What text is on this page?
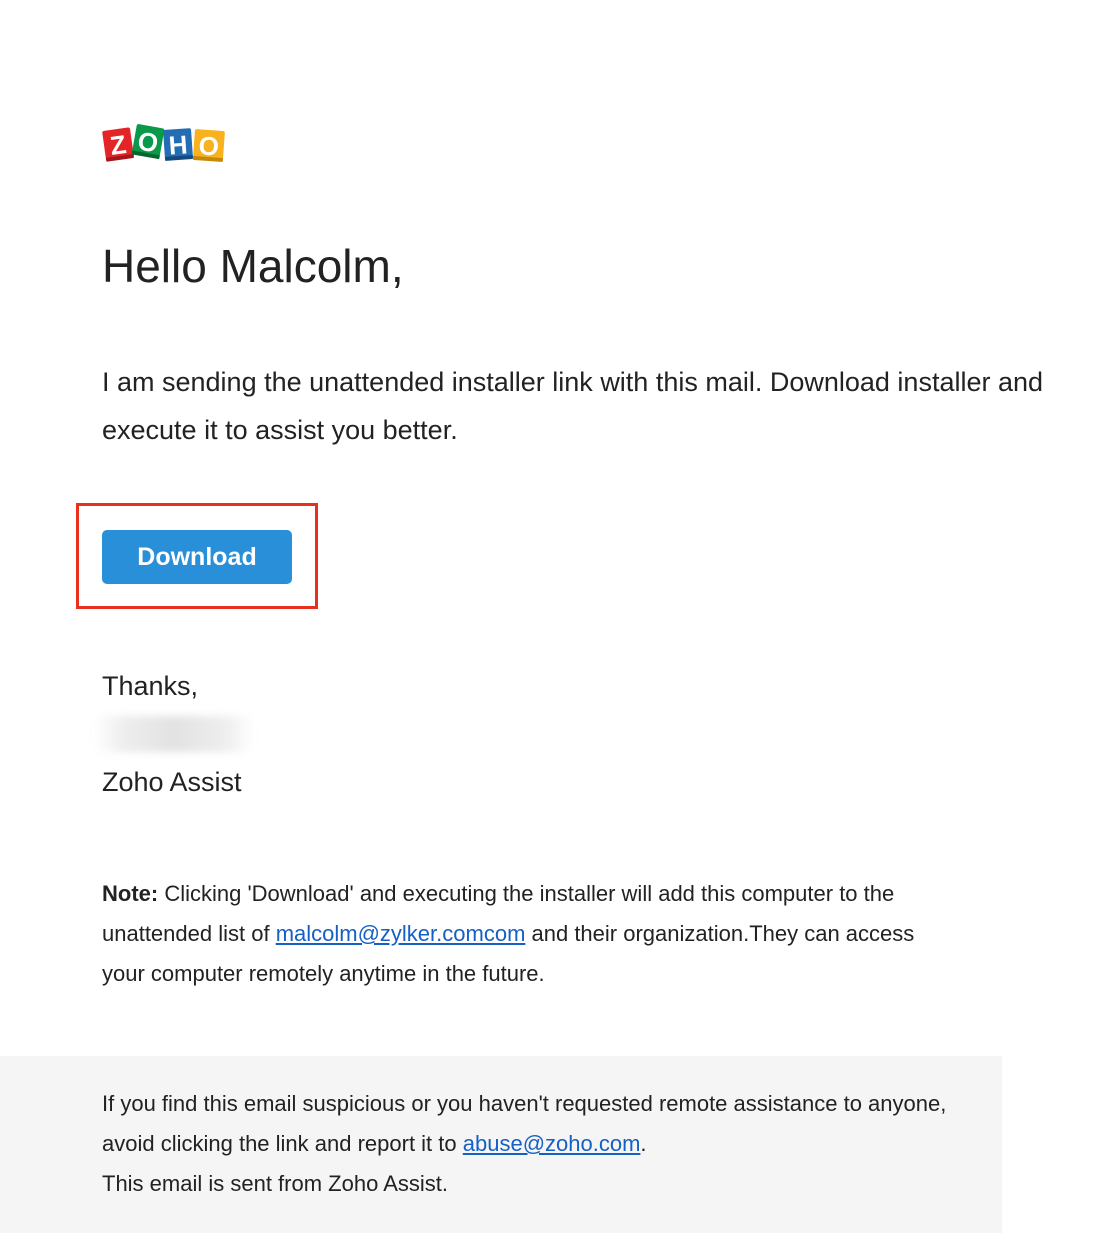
Z O H O
Hello Malcolm,

I am sending the unattended installer link with this mail. Download installer and execute it to assist you better.

Download
Thanks,
Zoho Assist

Note: Clicking 'Download' and executing the installer will add this computer to the unattended list of malcolm@zylker.comcom and their organization.They can access your computer remotely anytime in the future.

If you find this email suspicious or you haven't requested remote assistance to anyone, avoid clicking the link and report it to abuse@zoho.com.
This email is sent from Zoho Assist.
